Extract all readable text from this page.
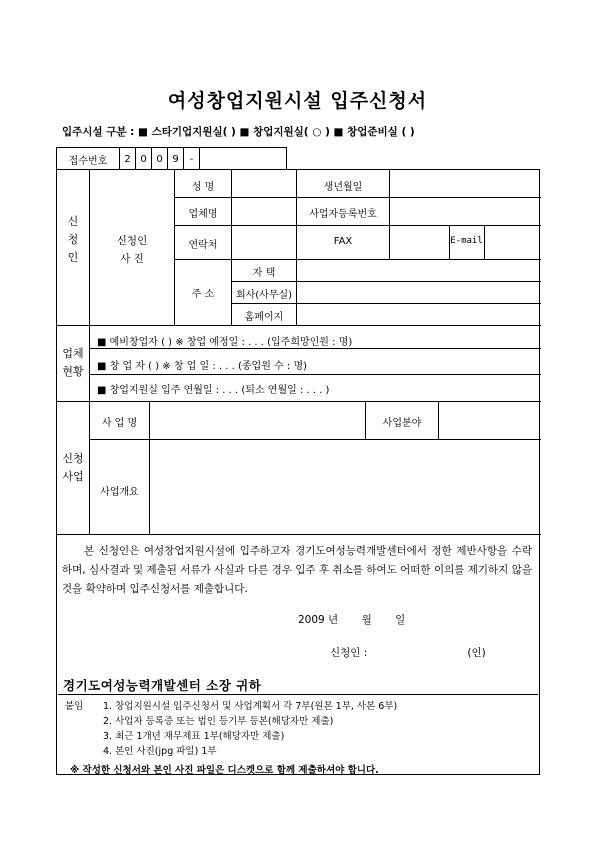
여성창업지원시설 입주신청서
입주시설 구분 : ■ 스타기업지원실( ) ■ 창업지원실( ○ ) ■ 창업준비실 ( )
접수번호	2 0 0 9	-
신
청
인
신청인
사 진
성 명	생년월일
업체명	사업자등록번호
연락처	FAX	E-mail
주 소
자 택
회사(사무실)
홈페이지
업체
현황
■ 예비창업자 ( ) ※ 창업 예정일 : . . . (입주희망인원 : 명)
■ 창 업 자 ( ) ※ 창 업 일 : . . . (종업원 수 : 명)
■ 창업지원실 입주 연월일 : . . . (퇴소 연월일 : . . . )
신청
사업
사 업 명	사업분야
사업개요

본 신청인은 여성창업지원시설에 입주하고자 경기도여성능력개발센터에서 정한 제반사항을 수락하며, 심사결과 및 제출된 서류가 사실과 다른 경우 입주 후 취소를 하여도 어떠한 이의를 제기하지 않을 것을 확약하며 입주신청서를 제출합니다.

2009 년       월       일
신청인 :                              (인)
경기도여성능력개발센터 소장 귀하
붙임 1. 창업지원시설 입주신청서 및 사업계획서 각 7부(원본 1부, 사본 6부)
2. 사업자 등록증 또는 법인 등기부 등본(해당자만 제출)
3. 최근 1개년 재무제표 1부(해당자만 제출)
4. 본인 사진(jpg 파일) 1부
※ 작성한 신청서와 본인 사진 파일은 디스켓으로 함께 제출하셔야 합니다.
